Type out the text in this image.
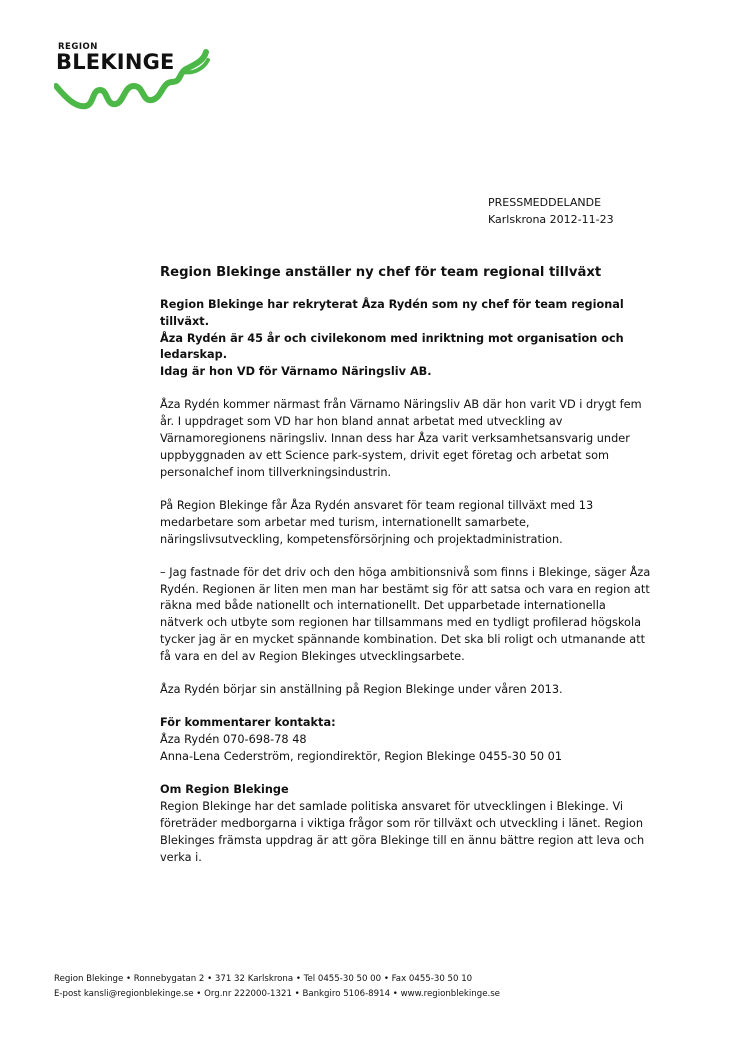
REGION
BLEKINGE
PRESSMEDDELANDE
Karlskrona 2012-11-23
Region Blekinge anställer ny chef för team regional tillväxt

Region Blekinge har rekryterat Åza Rydén som ny chef för team regional tillväxt.

Åza Rydén är 45 år och civilekonom med inriktning mot organisation och ledarskap.

Idag är hon VD för Värnamo Näringsliv AB.

Åza Rydén kommer närmast från Värnamo Näringsliv AB där hon varit VD i drygt fem

år. I uppdraget som VD har hon bland annat arbetat med utveckling av

Värnamoregionens näringsliv. Innan dess har Åza varit verksamhetsansvarig under

uppbyggnaden av ett Science park-system, drivit eget företag och arbetat som

personalchef inom tillverkningsindustrin.

På Region Blekinge får Åza Rydén ansvaret för team regional tillväxt med 13

medarbetare som arbetar med turism, internationellt samarbete,

näringslivsutveckling, kompetensförsörjning och projektadministration.

– Jag fastnade för det driv och den höga ambitionsnivå som finns i Blekinge, säger Åza

Rydén. Regionen är liten men man har bestämt sig för att satsa och vara en region att

räkna med både nationellt och internationellt. Det upparbetade internationella

nätverk och utbyte som regionen har tillsammans med en tydligt profilerad högskola

tycker jag är en mycket spännande kombination. Det ska bli roligt och utmanande att

få vara en del av Region Blekinges utvecklingsarbete.

Åza Rydén börjar sin anställning på Region Blekinge under våren 2013.

För kommentarer kontakta:

Åza Rydén 070-698-78 48

Anna-Lena Cederström, regiondirektör, Region Blekinge 0455-30 50 01

Om Region Blekinge

Region Blekinge har det samlade politiska ansvaret för utvecklingen i Blekinge. Vi

företräder medborgarna i viktiga frågor som rör tillväxt och utveckling i länet. Region

Blekinges främsta uppdrag är att göra Blekinge till en ännu bättre region att leva och

verka i.

Region Blekinge • Ronnebygatan 2 • 371 32 Karlskrona • Tel 0455-30 50 00 • Fax 0455-30 50 10
E-post kansli@regionblekinge.se • Org.nr 222000-1321 • Bankgiro 5106-8914 • www.regionblekinge.se
